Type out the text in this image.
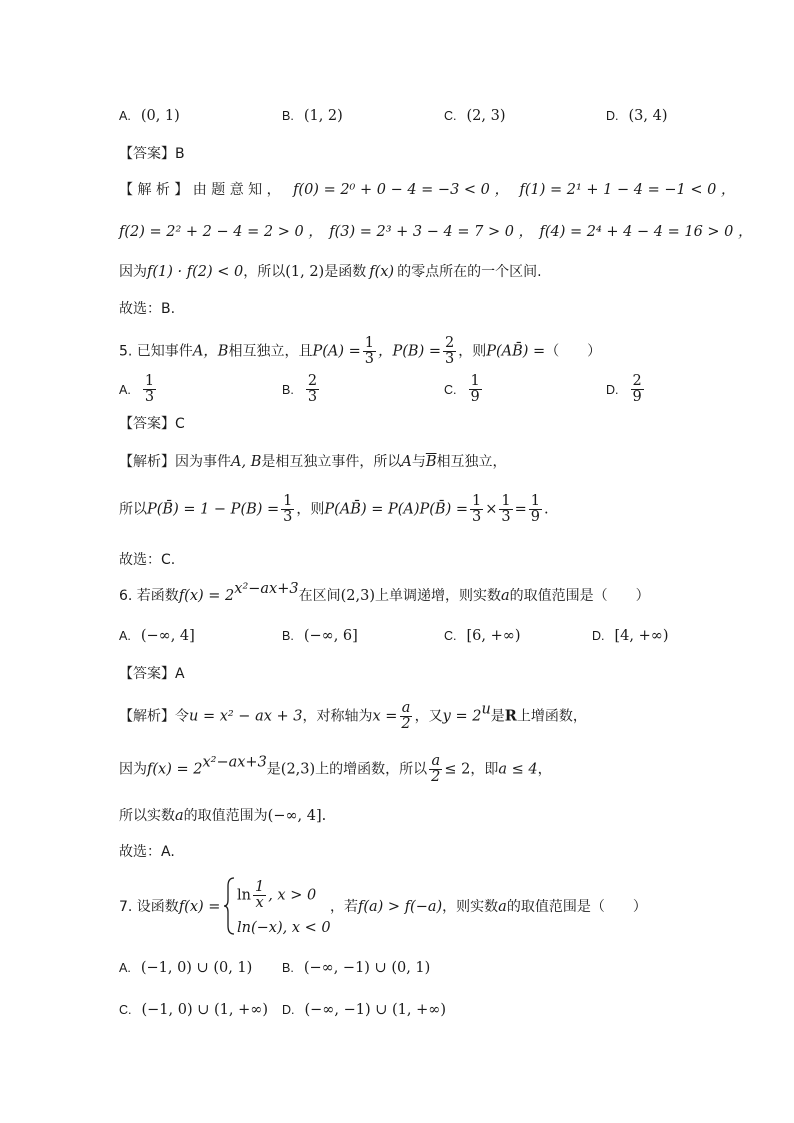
A. (0, 1)	B. (1, 2)	C. (2, 3)	D. (3, 4)
【答案】B
【 解 析 】 由 题 意 知 ， f(0) = 2⁰ + 0 − 4 = −3 < 0 ， f(1) = 2¹ + 1 − 4 = −1 < 0 ，
f(2) = 2² + 2 − 4 = 2 > 0 ， f(3) = 2³ + 3 − 4 = 7 > 0 ， f(4) = 2⁴ + 4 − 4 = 16 > 0 ，
因为f(1) · f(2) < 0，所以(1, 2)是函数 f(x) 的零点所在的一个区间.
故选：B.
5. 已知事件A，B相互独立，且$P(A) = \frac{1}{3}$ ，$P(B) = \frac{2}{3}$ ，则P(AB̄) =（　　）
A. $\frac{1}{3}$	B. $\frac{2}{3}$	C. $\frac{1}{9}$	D. $\frac{2}{9}$
【答案】C
【解析】因为事件A, B是相互独立事件，所以A与$\overline{B}$相互独立，
所以P(B̄) = $1 - P(B) = \frac{1}{3}$ ，则P(AB̄) = P(A)P(B̄) = $\frac{1}{3} \times \frac{1}{3} = \frac{1}{9}$ .
故选：C.
6. 若函数$f(x) = 2^{x^2-ax+3}$在区间(2,3)上单调递增，则实数a的取值范围是（　　）
A. (−∞, 4]	B. (−∞, 6]	C. [6, +∞)	D. [4, +∞)
【答案】A
【解析】令u = x² − ax + 3，对称轴为$x = \frac{a}{2}$ ，又$y = 2^u$是R上增函数，
因为$f(x) = 2^{x^2-ax+3}$是(2,3)上的增函数，所以 $\frac{a}{2} \le 2$，即a ≤ 4，
所以实数a的取值范围为(−∞, 4].
故选：A.
7. 设函数f(x) =
$\ln \frac{1}{x}$ , x > 0
ln(−x), x < 0
，若f(a) > f(−a)，则实数a的取值范围是（　　）
A. (−1, 0) ∪ (0, 1) B. (−∞, −1) ∪ (0, 1)
C. (−1, 0) ∪ (1, +∞) D. (−∞, −1) ∪ (1, +∞)
